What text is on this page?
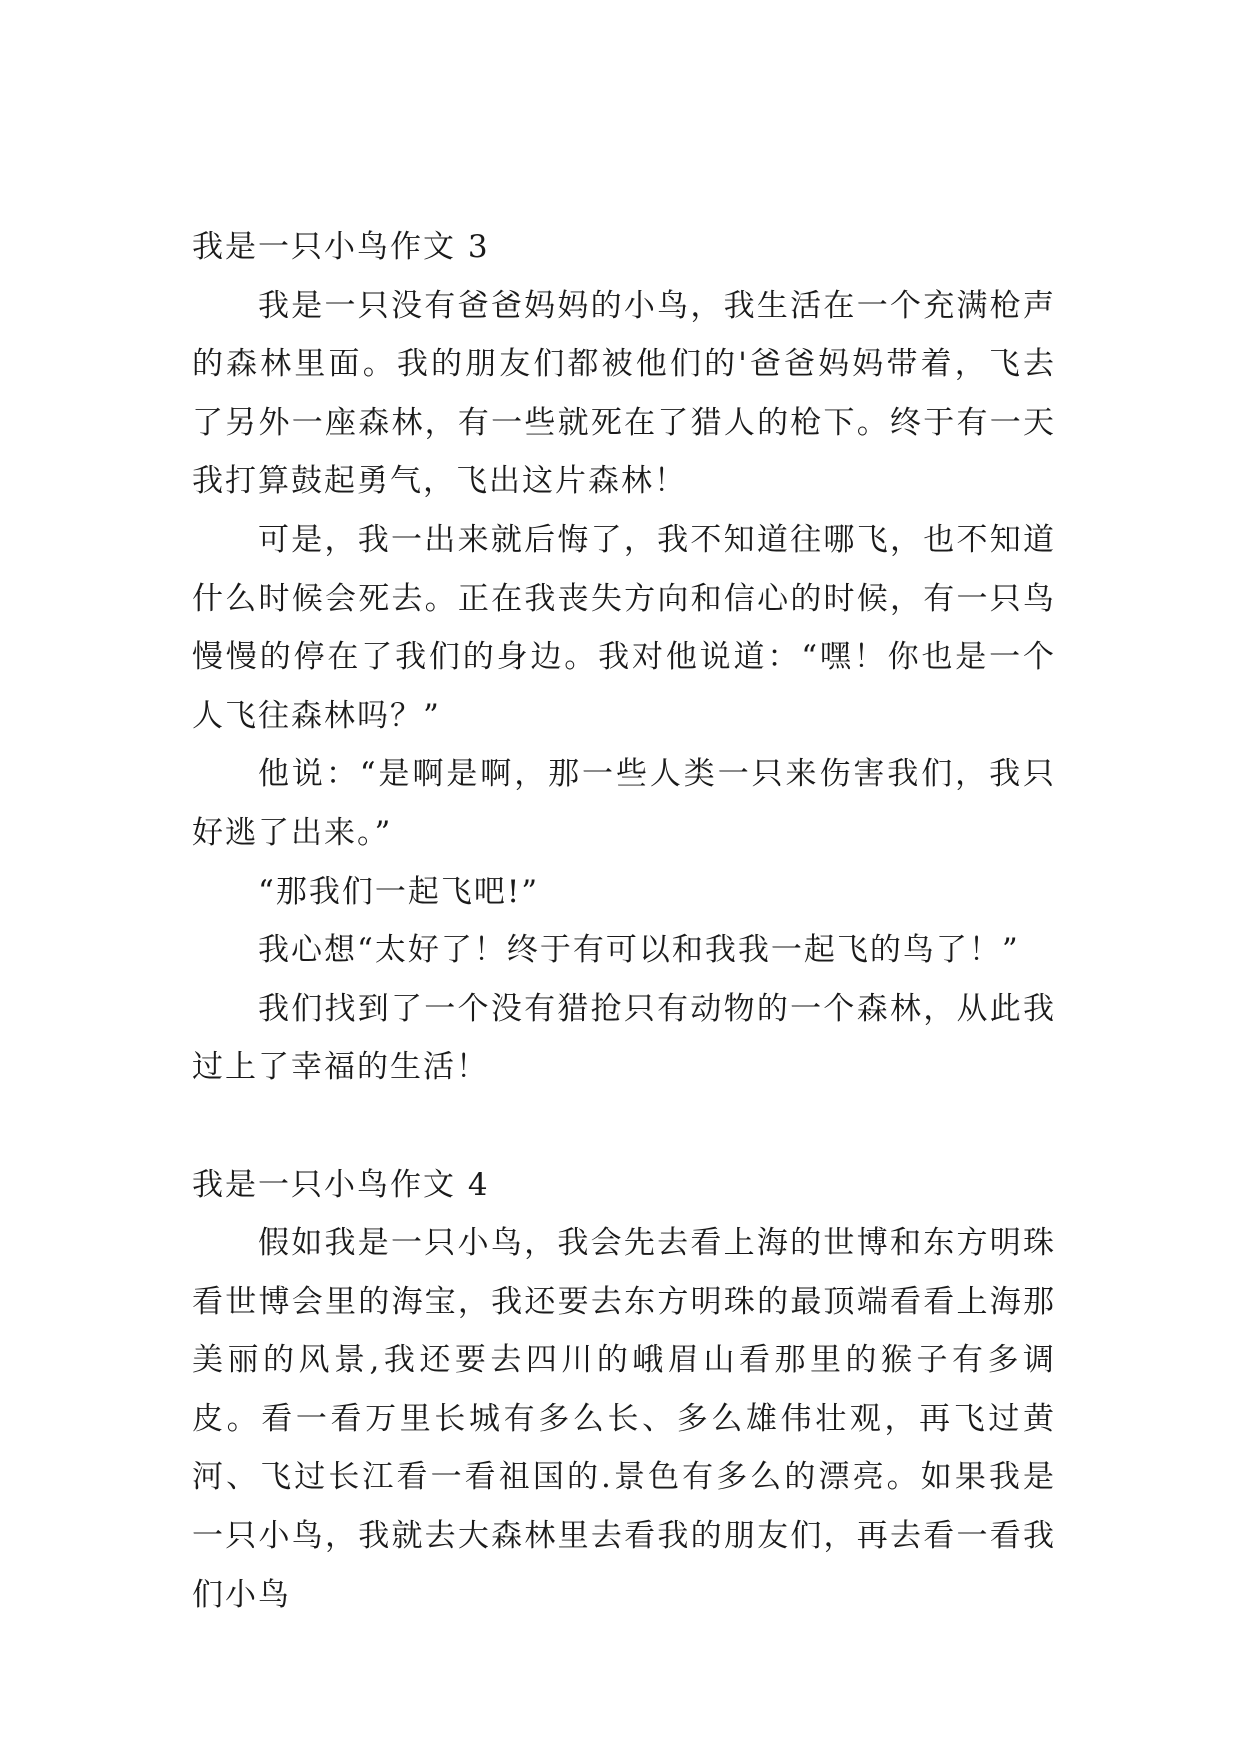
我是一只小鸟作文 3

我是一只没有爸爸妈妈的小鸟，我生活在一个充满枪声的森林里面。我的朋友们都被他们的'爸爸妈妈带着，飞去了另外一座森林，有一些就死在了猎人的枪下。终于有一天我打算鼓起勇气，飞出这片森林！

可是，我一出来就后悔了，我不知道往哪飞，也不知道什么时候会死去。正在我丧失方向和信心的时候，有一只鸟慢慢的停在了我们的身边。我对他说道：“嘿！你也是一个人飞往森林吗？”

他说：“是啊是啊，那一些人类一只来伤害我们，我只好逃了出来。”

“那我们一起飞吧!”

我心想“太好了！终于有可以和我我一起飞的鸟了！”

我们找到了一个没有猎抢只有动物的一个森林，从此我过上了幸福的生活！

我是一只小鸟作文 4

假如我是一只小鸟，我会先去看上海的世博和东方明珠看世博会里的海宝，我还要去东方明珠的最顶端看看上海那美丽的风景,我还要去四川的峨眉山看那里的猴子有多调皮。看一看万里长城有多么长、多么雄伟壮观，再飞过黄河、飞过长江看一看祖国的.景色有多么的漂亮。如果我是一只小鸟，我就去大森林里去看我的朋友们，再去看一看我们小鸟
